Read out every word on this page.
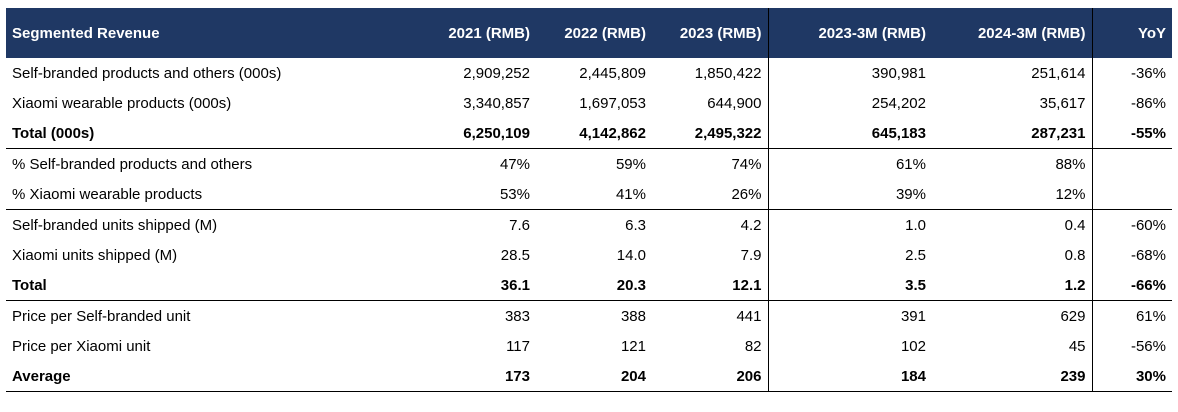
Segmented Revenue	2021 (RMB)	2022 (RMB)	2023 (RMB)	2023-3M (RMB)	2024-3M (RMB)	YoY
Self-branded products and others (000s)	2,909,252	2,445,809	1,850,422	390,981	251,614	-36%
Xiaomi wearable products (000s)	3,340,857	1,697,053	644,900	254,202	35,617	-86%
Total (000s)	6,250,109	4,142,862	2,495,322	645,183	287,231	-55%
% Self-branded products and others	47%	59%	74%	61%	88%	
% Xiaomi wearable products	53%	41%	26%	39%	12%	
Self-branded units shipped (M)	7.6	6.3	4.2	1.0	0.4	-60%
Xiaomi units shipped (M)	28.5	14.0	7.9	2.5	0.8	-68%
Total	36.1	20.3	12.1	3.5	1.2	-66%
Price per Self-branded unit	383	388	441	391	629	61%
Price per Xiaomi unit	117	121	82	102	45	-56%
Average	173	204	206	184	239	30%
